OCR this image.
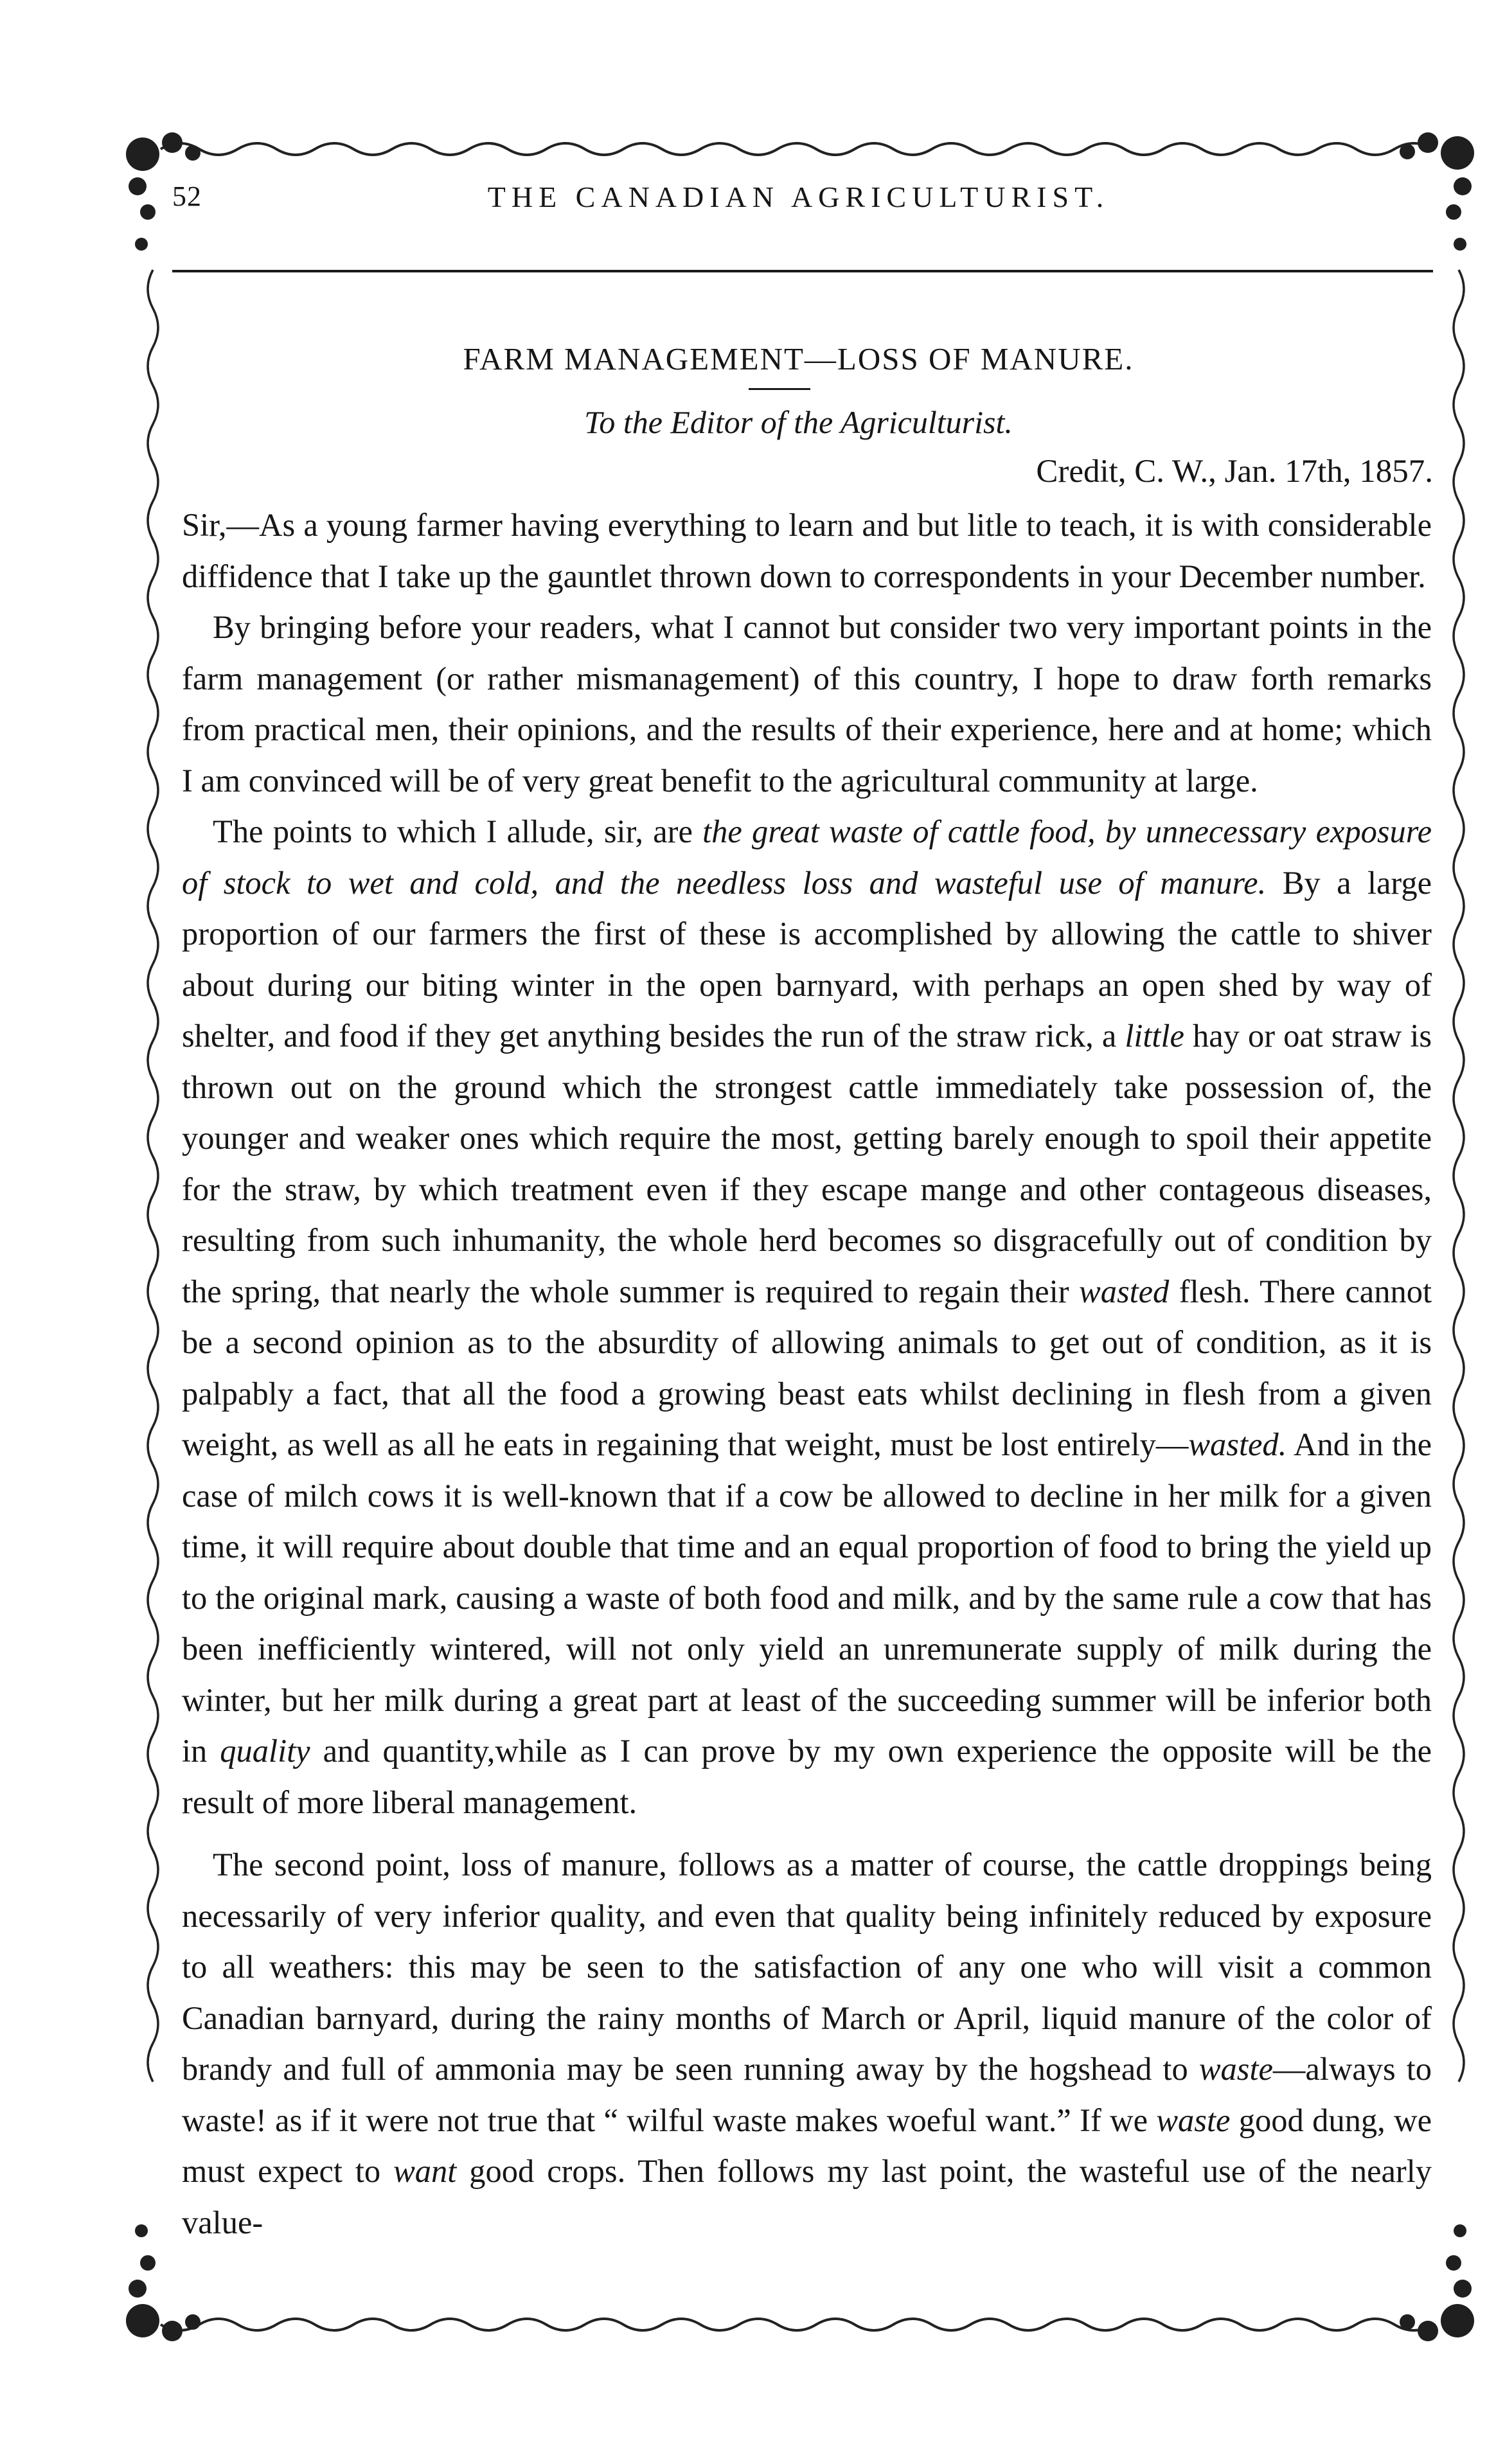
52	THE CANADIAN AGRICULTURIST.
FARM MANAGEMENT—LOSS OF MANURE.
To the Editor of the Agriculturist.
Credit, C. W., Jan. 17th, 1857.

Sir,—As a young farmer having everything to learn and but litle to teach, it is with considerable diffidence that I take up the gauntlet thrown down to correspondents in your December number.

By bringing before your readers, what I cannot but consider two very important points in the farm management (or rather mismanagement) of this country, I hope to draw forth remarks from practical men, their opinions, and the results of their experience, here and at home; which I am convinced will be of very great benefit to the agricultural community at large.

The points to which I allude, sir, are the great waste of cattle food, by unnecessary exposure of stock to wet and cold, and the needless loss and wasteful use of manure. By a large proportion of our farmers the first of these is accomplished by allowing the cattle to shiver about during our biting winter in the open barnyard, with perhaps an open shed by way of shelter, and food if they get anything besides the run of the straw rick, a little hay or oat straw is thrown out on the ground which the strongest cattle immediately take possession of, the younger and weaker ones which require the most, getting barely enough to spoil their appetite for the straw, by which treatment even if they escape mange and other contageous diseases, resulting from such inhumanity, the whole herd becomes so disgracefully out of condition by the spring, that nearly the whole summer is required to regain their wasted flesh. There cannot be a second opinion as to the absurdity of allowing animals to get out of condition, as it is palpably a fact, that all the food a growing beast eats whilst declining in flesh from a given weight, as well as all he eats in regaining that weight, must be lost entirely—wasted. And in the case of milch cows it is well-known that if a cow be allowed to decline in her milk for a given time, it will require about double that time and an equal proportion of food to bring the yield up to the original mark, causing a waste of both food and milk, and by the same rule a cow that has been inefficiently wintered, will not only yield an unremunerate supply of milk during the winter, but her milk during a great part at least of the succeeding summer will be inferior both in quality and quantity,while as I can prove by my own experience the opposite will be the result of more liberal management.

The second point, loss of manure, follows as a matter of course, the cattle droppings being necessarily of very inferior quality, and even that quality being infinitely reduced by exposure to all weathers: this may be seen to the satisfaction of any one who will visit a common Canadian barnyard, during the rainy months of March or April, liquid manure of the color of brandy and full of ammonia may be seen running away by the hogshead to waste—always to waste! as if it were not true that “ wilful waste makes woeful want.” If we waste good dung, we must expect to want good crops. Then follows my last point, the wasteful use of the nearly value-
